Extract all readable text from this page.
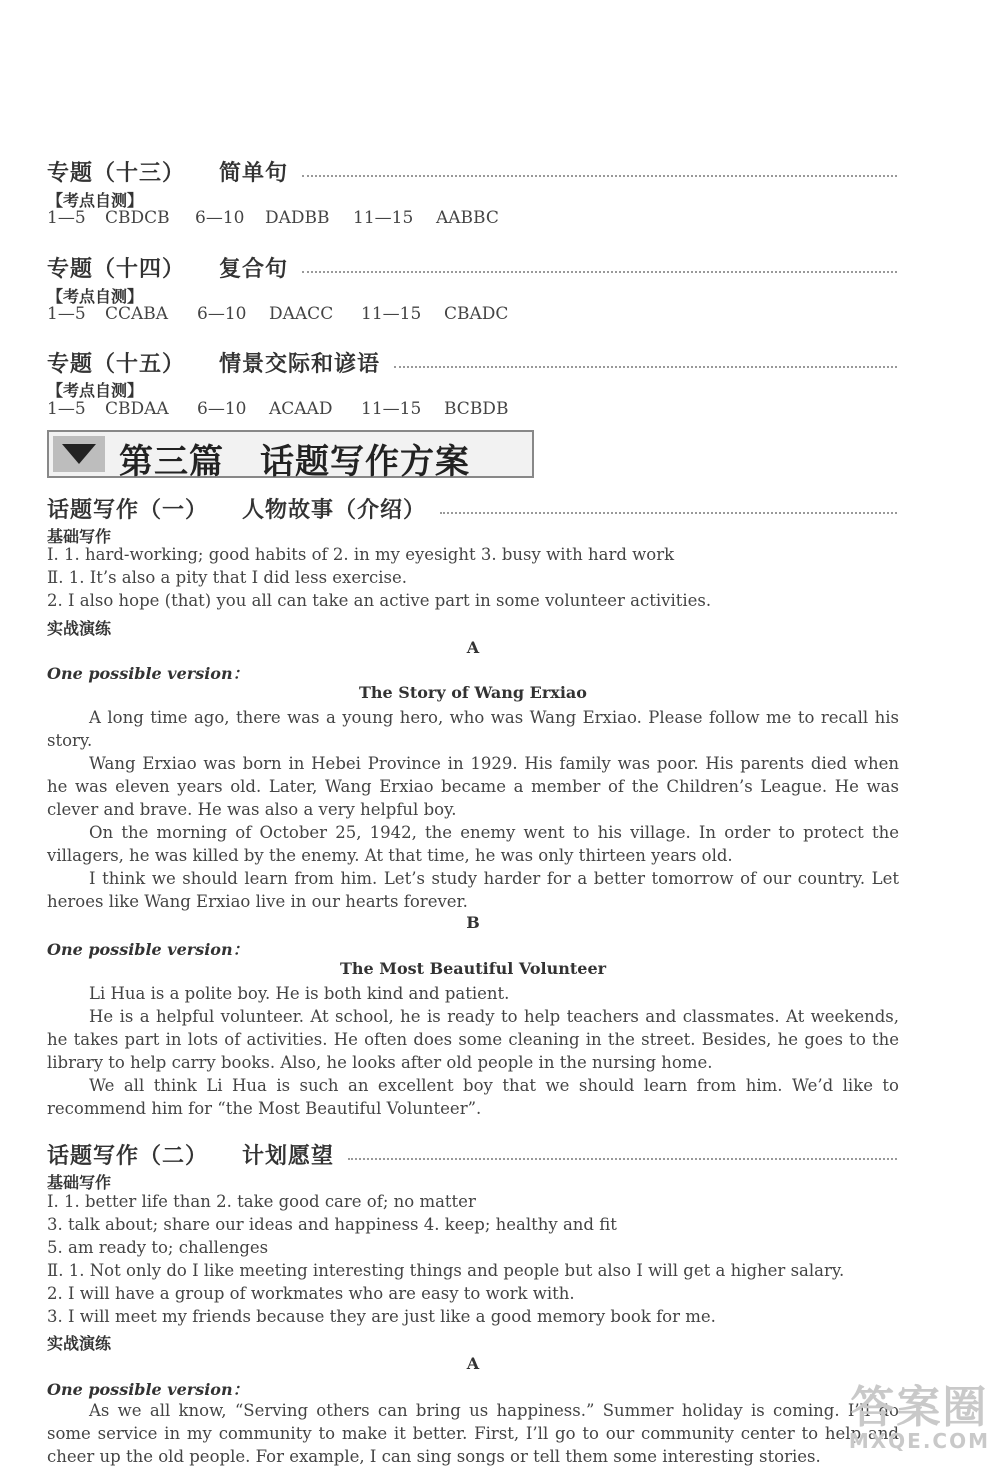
专题（十三） 简单句
【考点自测】
1—5 CBDCB 6—10 DADBB 11—15 AABBC
专题（十四） 复合句
【考点自测】
1—5 CCABA 6—10 DAACC 11—15 CBADC
专题（十五） 情景交际和谚语
【考点自测】
1—5 CBDAA 6—10 ACAAD 11—15 BCBDB
第三篇 话题写作方案
话题写作（一） 人物故事（介绍）
基础写作
Ⅰ. 1. hard-working; good habits of 2. in my eyesight 3. busy with hard work
Ⅱ. 1. It’s also a pity that I did less exercise.
2. I also hope (that) you all can take an active part in some volunteer activities.
实战演练
A
One possible version：
The Story of Wang Erxiao

A long time ago, there was a young hero, who was Wang Erxiao. Please follow me to recall his story.

Wang Erxiao was born in Hebei Province in 1929. His family was poor. His parents died when he was eleven years old. Later, Wang Erxiao became a member of the Children’s League. He was clever and brave. He was also a very helpful boy.

On the morning of October 25, 1942, the enemy went to his village. In order to protect the villagers, he was killed by the enemy. At that time, he was only thirteen years old.

I think we should learn from him. Let’s study harder for a better tomorrow of our country. Let heroes like Wang Erxiao live in our hearts forever.

B
One possible version：
The Most Beautiful Volunteer

Li Hua is a polite boy. He is both kind and patient.

He is a helpful volunteer. At school, he is ready to help teachers and classmates. At weekends, he takes part in lots of activities. He often does some cleaning in the street. Besides, he goes to the library to help carry books. Also, he looks after old people in the nursing home.

We all think Li Hua is such an excellent boy that we should learn from him. We’d like to recommend him for “the Most Beautiful Volunteer”.

话题写作（二） 计划愿望
基础写作
Ⅰ. 1. better life than 2. take good care of; no matter
3. talk about; share our ideas and happiness 4. keep; healthy and fit
5. am ready to; challenges
Ⅱ. 1. Not only do I like meeting interesting things and people but also I will get a higher salary.
2. I will have a group of workmates who are easy to work with.
3. I will meet my friends because they are just like a good memory book for me.
实战演练
A
One possible version：

As we all know, “Serving others can bring us happiness.” Summer holiday is coming. I’ll do some service in my community to make it better. First, I’ll go to our community center to help and cheer up the old people. For example, I can sing songs or tell them some interesting stories.

答案圈
MXQE.COM
